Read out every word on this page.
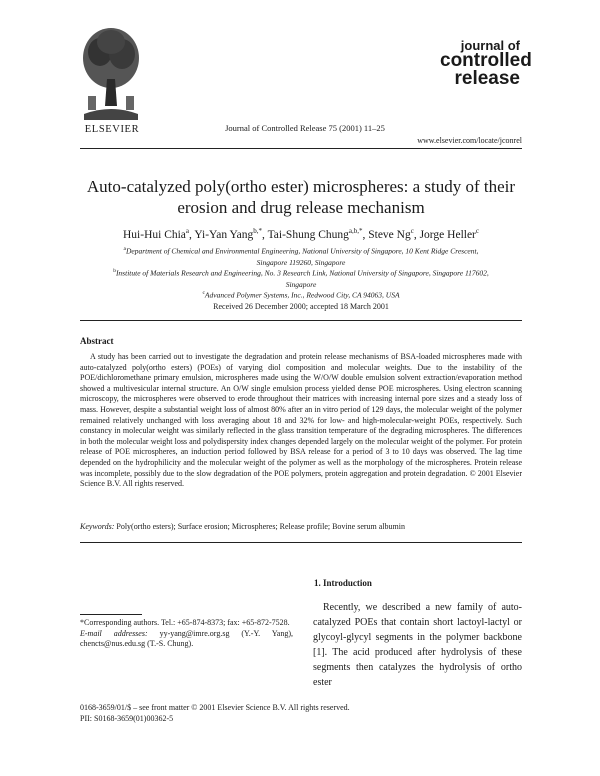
ELSEVIER	Journal of Controlled Release 75 (2001) 11–25
journal of
controlled
release
www.elsevier.com/locate/jconrel
Auto-catalyzed poly(ortho ester) microspheres: a study of their
erosion and drug release mechanism
Hui-Hui Chia$^a$, Yi-Yan Yang$^{b,*}$, Tai-Shung Chung$^{a,b,*}$, Steve Ng$^c$, Jorge Heller$^c$
$^a$Department of Chemical and Environmental Engineering, National University of Singapore, 10 Kent Ridge Crescent,
Singapore 119260, Singapore
$^b$Institute of Materials Research and Engineering, No. 3 Research Link, National University of Singapore, Singapore 117602,
Singapore
$^c$Advanced Polymer Systems, Inc., Redwood City, CA 94063, USA
Received 26 December 2000; accepted 18 March 2001
Abstract
A study has been carried out to investigate the degradation and protein release mechanisms of BSA-loaded microspheres made with auto-catalyzed poly(ortho esters) (POEs) of varying diol composition and molecular weights. Due to the instability of the POE/dichloromethane primary emulsion, microspheres made using the W/O/W double emulsion solvent extraction/evaporation method showed a multivesicular internal structure. An O/W single emulsion process yielded dense POE microspheres. Using electron scanning microscopy, the microspheres were observed to erode throughout their matrices with increasing internal pore sizes and a steady loss of mass. However, despite a substantial weight loss of almost 80% after an in vitro period of 129 days, the molecular weight of the polymer remained relatively unchanged with loss averaging about 18 and 32% for low- and high-molecular-weight POEs, respectively. Such constancy in molecular weight was similarly reflected in the glass transition temperature of the degrading microspheres. The differences in both the molecular weight loss and polydispersity index changes depended largely on the molecular weight of the polymer. For protein release of POE microspheres, an induction period followed by BSA release for a period of 3 to 10 days was observed. The lag time depended on the hydrophilicity and the molecular weight of the polymer as well as the morphology of the microspheres. Protein release was incomplete, possibly due to the slow degradation of the POE polymers, protein aggregation and protein degradation. © 2001 Elsevier Science B.V. All rights reserved.
Keywords: Poly(ortho esters); Surface erosion; Microspheres; Release profile; Bovine serum albumin
1. Introduction
Recently, we described a new family of auto-catalyzed POEs that contain short lactoyl-lactyl or glycoyl-glycyl segments in the polymer backbone [1]. The acid produced after hydrolysis of these segments then catalyzes the hydrolysis of ortho ester
*Corresponding authors. Tel.: +65-874-8373; fax: +65-872-7528.
E-mail addresses: yy-yang@imre.org.sg (Y.-Y. Yang), chencts@nus.edu.sg (T.-S. Chung).
0168-3659/01/$ – see front matter © 2001 Elsevier Science B.V. All rights reserved.
PII: S0168-3659(01)00362-5
